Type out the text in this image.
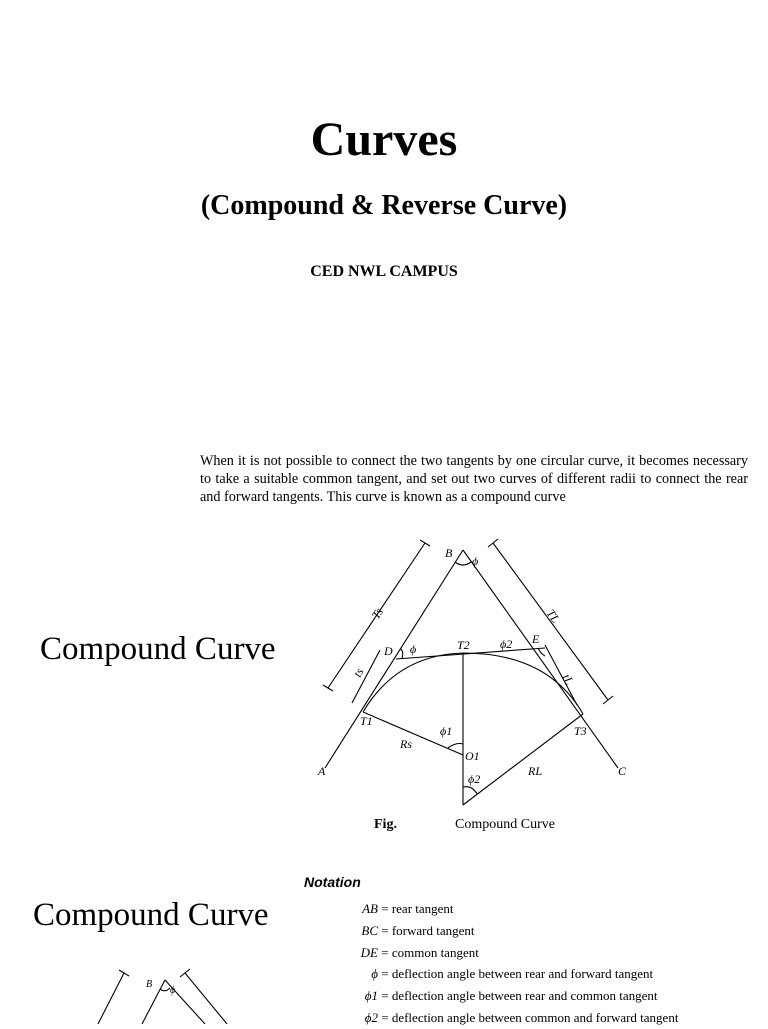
Curves
(Compound & Reverse Curve)
CED NWL CAMPUS
When it is not possible to connect the two tangents by one circular curve, it becomes necessary to take a suitable common tangent, and set out two curves of different radii to connect the rear and forward tangents. This curve is known as a compound curve
Compound Curve
Compound Curve
A
B
C
D
E
T1
T2
T3
O1
Rs
RL
ϕ
ϕ	ϕ2
ϕ1
ϕ2
Ts
ts
TL
tL
Fig.	Compound Curve
Notation
AB = rear tangent
BC = forward tangent
DE = common tangent
ϕ = deflection angle between rear and forward tangent
ϕ1 = deflection angle between rear and common tangent
ϕ2 = deflection angle between common and forward tangent
B
ϕ
